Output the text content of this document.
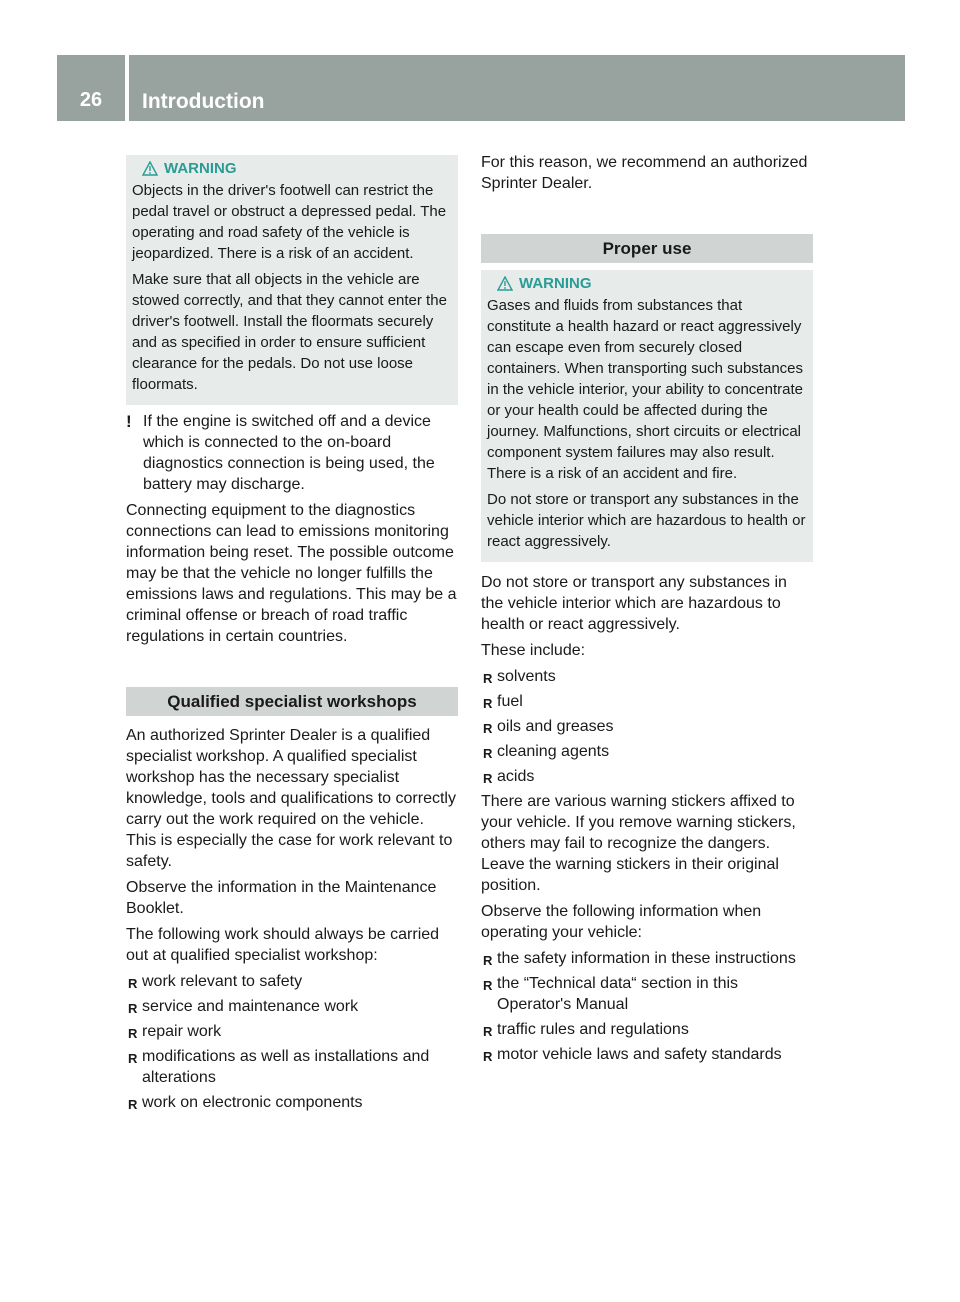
26	Introduction
WARNING

Objects in the driver's footwell can restrict the pedal travel or obstruct a depressed pedal. The operating and road safety of the vehicle is jeopardized. There is a risk of an accident.

Make sure that all objects in the vehicle are stowed correctly, and that they cannot enter the driver's footwell. Install the floormats securely and as specified in order to ensure sufficient clearance for the pedals. Do not use loose floormats.

! If the engine is switched off and a device which is connected to the on-board diagnostics connection is being used, the battery may discharge.

Connecting equipment to the diagnostics connections can lead to emissions monitoring information being reset. The possible outcome may be that the vehicle no longer fulfills the emissions laws and regulations. This may be a criminal offense or breach of road traffic regulations in certain countries.

Qualified specialist workshops

An authorized Sprinter Dealer is a qualified specialist workshop. A qualified specialist workshop has the necessary specialist knowledge, tools and qualifications to correctly carry out the work required on the vehicle. This is especially the case for work relevant to safety.

Observe the information in the Maintenance Booklet.

The following work should always be carried out at qualified specialist workshop:

R work relevant to safety
R service and maintenance work
R repair work
R modifications as well as installations and alterations
R work on electronic components

For this reason, we recommend an authorized Sprinter Dealer.

Proper use
WARNING

Gases and fluids from substances that constitute a health hazard or react aggressively can escape even from securely closed containers. When transporting such substances in the vehicle interior, your ability to concentrate or your health could be affected during the journey. Malfunctions, short circuits or electrical component system failures may also result. There is a risk of an accident and fire.

Do not store or transport any substances in the vehicle interior which are hazardous to health or react aggressively.

Do not store or transport any substances in the vehicle interior which are hazardous to health or react aggressively.

These include:

R solvents
R fuel
R oils and greases
R cleaning agents
R acids

There are various warning stickers affixed to your vehicle. If you remove warning stickers, others may fail to recognize the dangers. Leave the warning stickers in their original position.

Observe the following information when operating your vehicle:

R the safety information in these instructions
R the “Technical data“ section in this Operator's Manual
R traffic rules and regulations
R motor vehicle laws and safety standards
